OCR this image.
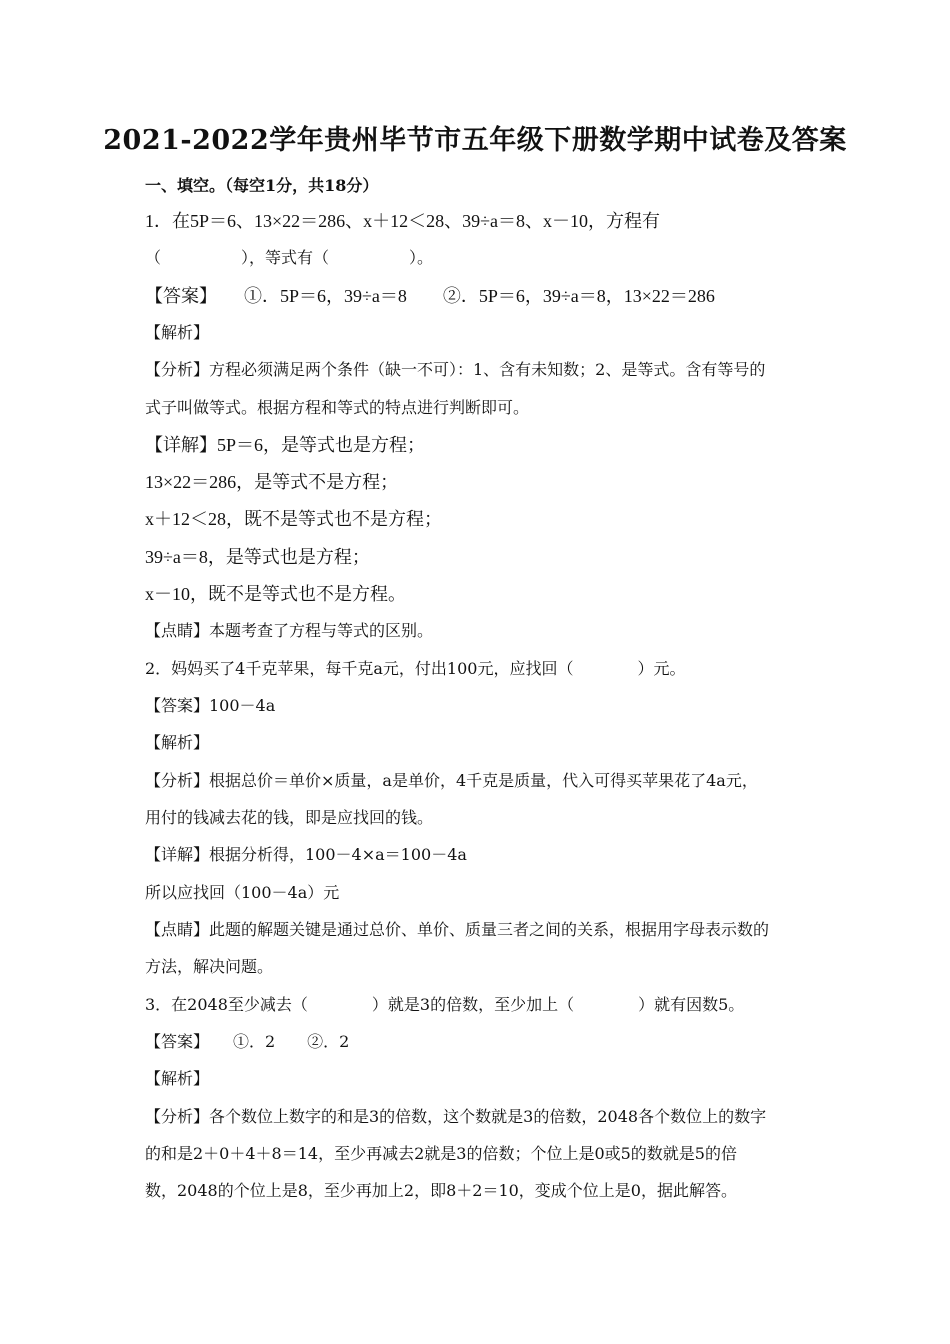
2021-2022学年贵州毕节市五年级下册数学期中试卷及答案
一、填空。（每空1分，共18分）
1．在5P＝6、13×22＝286、x＋12＜28、39÷a＝8、x－10，方程有
（　　　　　），等式有（　　　　　）。
【答案】　　①．5P＝6，39÷a＝8　　②．5P＝6，39÷a＝8，13×22＝286
【解析】
【分析】方程必须满足两个条件（缺一不可）：1、含有未知数；2、是等式。含有等号的
式子叫做等式。根据方程和等式的特点进行判断即可。
【详解】5P＝6，是等式也是方程；
13×22＝286，是等式不是方程；
x＋12＜28，既不是等式也不是方程；
39÷a＝8，是等式也是方程；
x－10，既不是等式也不是方程。
【点睛】本题考查了方程与等式的区别。
2．妈妈买了4千克苹果，每千克a元，付出100元，应找回（　　　　）元。
【答案】100－4a
【解析】
【分析】根据总价＝单价×质量，a是单价，4千克是质量，代入可得买苹果花了4a元，
用付的钱减去花的钱，即是应找回的钱。
【详解】根据分析得，100－4×a＝100－4a
所以应找回（100－4a）元
【点睛】此题的解题关键是通过总价、单价、质量三者之间的关系，根据用字母表示数的
方法，解决问题。
3．在2048至少减去（　　　　）就是3的倍数，至少加上（　　　　）就有因数5。
【答案】　　①．2　　②．2
【解析】
【分析】各个数位上数字的和是3的倍数，这个数就是3的倍数，2048各个数位上的数字
的和是2＋0＋4＋8＝14，至少再减去2就是3的倍数；个位上是0或5的数就是5的倍
数，2048的个位上是8，至少再加上2，即8＋2＝10，变成个位上是0，据此解答。
